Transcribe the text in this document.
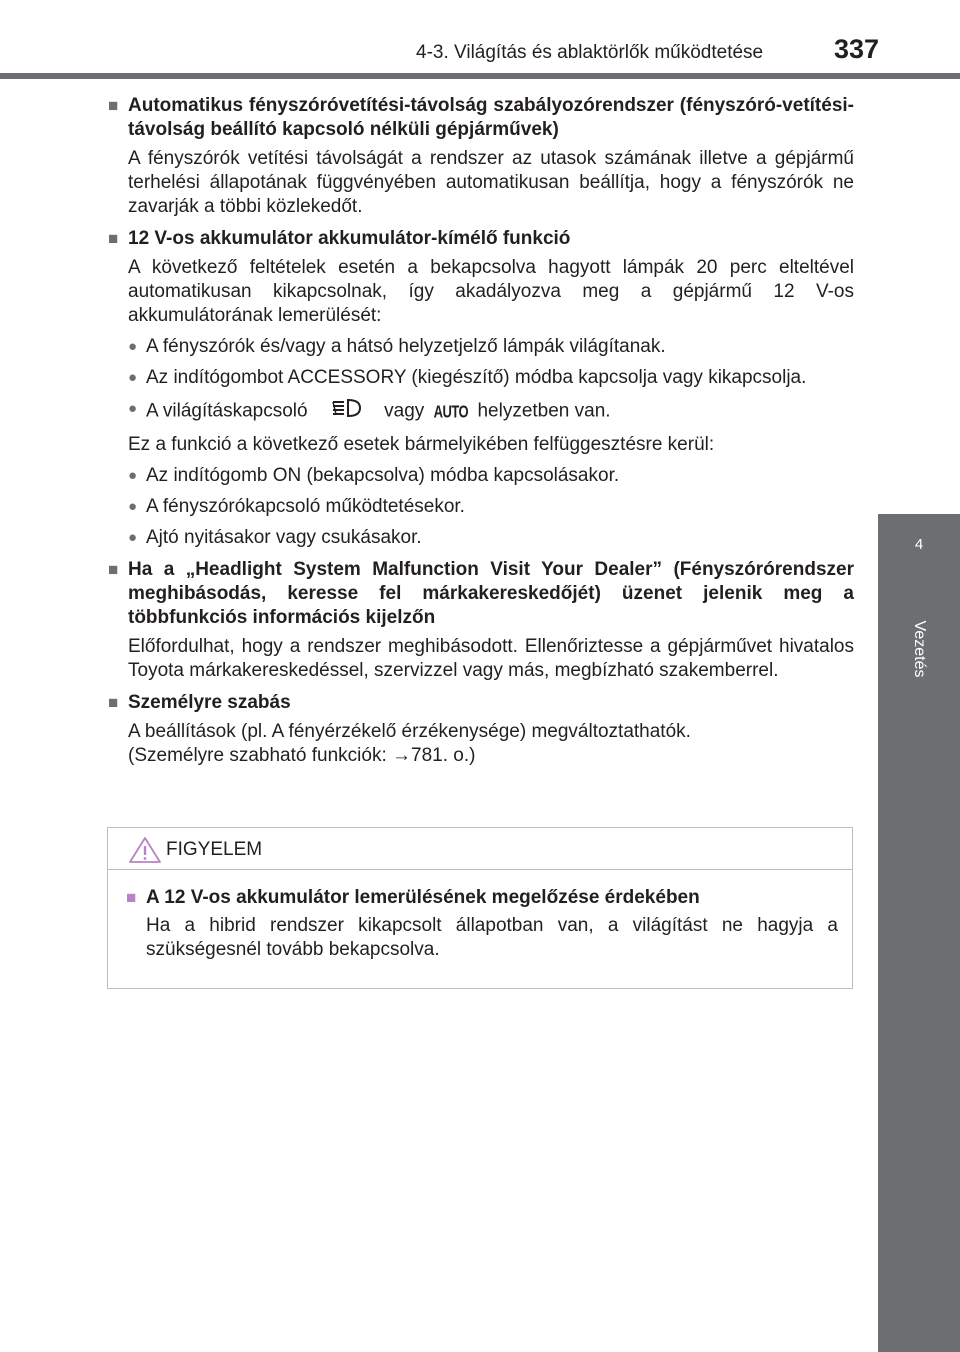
4-3. Világítás és ablaktörlők működtetése	337
4
Vezetés
■ Automatikus fényszóróvetítési-távolság szabályozórendszer (fényszóró-vetítési-távolság beállító kapcsoló nélküli gépjárművek)
A fényszórók vetítési távolságát a rendszer az utasok számának illetve a gépjármű terhelési állapotának függvényében automatikusan beállítja, hogy a fényszórók ne zavarják a többi közlekedőt.
■ 12 V-os akkumulátor akkumulátor-kímélő funkció
A következő feltételek esetén a bekapcsolva hagyott lámpák 20 perc elteltével automatikusan kikapcsolnak, így akadályozva meg a gépjármű 12 V-os akkumulátorának lemerülését:
● A fényszórók és/vagy a hátsó helyzetjelző lámpák világítanak.
● Az indítógombot ACCESSORY (kiegészítő) módba kapcsolja vagy kikapcsolja.
● A világításkapcsoló	vagy AUTO helyzetben van.
Ez a funkció a következő esetek bármelyikében felfüggesztésre kerül:
● Az indítógomb ON (bekapcsolva) módba kapcsolásakor.
● A fényszórókapcsoló működtetésekor.
● Ajtó nyitásakor vagy csukásakor.
■ Ha a „Headlight System Malfunction Visit Your Dealer” (Fényszórórendszer meghibásodás, keresse fel márkakereskedőjét) üzenet jelenik meg a többfunkciós információs kijelzőn
Előfordulhat, hogy a rendszer meghibásodott. Ellenőriztesse a gépjárművet hivatalos Toyota márkakereskedéssel, szervizzel vagy más, megbízható szakemberrel.
■ Személyre szabás
A beállítások (pl. A fényérzékelő érzékenysége) megváltoztathatók.
(Személyre szabható funkciók: →781. o.)
FIGYELEM
■ A 12 V-os akkumulátor lemerülésének megelőzése érdekében
Ha a hibrid rendszer kikapcsolt állapotban van, a világítást ne hagyja a szükségesnél tovább bekapcsolva.
